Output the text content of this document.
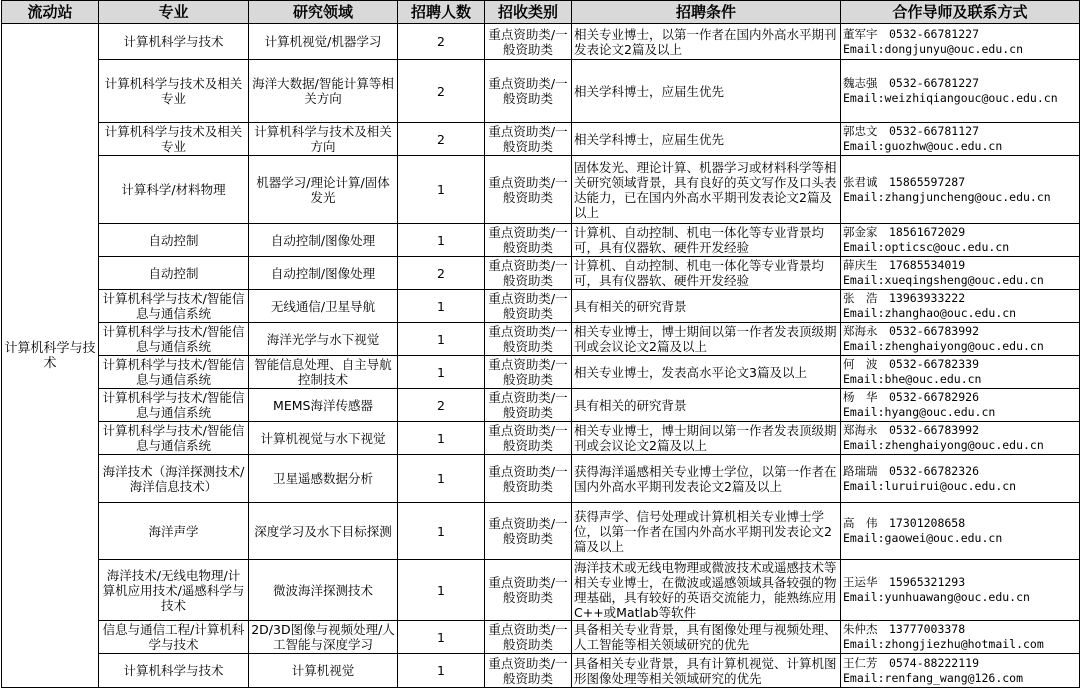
流动站	专业	研究领域	招聘人数	招收类别	招聘条件	合作导师及联系方式
计算机科学与技术	计算机科学与技术	计算机视觉/机器学习	2	重点资助类/一般资助类	相关专业博士，以第一作者在国内外高水平期刊发表论文2篇及以上	董军宇　0532-66781227
Email:dongjunyu@ouc.edu.cn

	计算机科学与技术及相关专业	海洋大数据/智能计算等相关方向	2	重点资助类/一般资助类	相关学科博士，应届生优先	魏志强　0532-66781227
Email:weizhiqiangouc@ouc.edu.cn

	计算机科学与技术及相关专业	计算机科学与技术及相关方向	2	重点资助类/一般资助类	相关学科博士，应届生优先	郭忠文　0532-66781127
Email:guozhw@ouc.edu.cn

	计算科学/材料物理	机器学习/理论计算/固体发光	1	重点资助类/一般资助类	固体发光、理论计算、机器学习或材料科学等相关研究领域背景，具有良好的英文写作及口头表达能力，已在国内外高水平期刊发表论文2篇及以上	张君诚　15865597287
Email:zhangjuncheng@ouc.edu.cn

	自动控制	自动控制/图像处理	1	重点资助类/一般资助类	计算机、自动控制、机电一体化等专业背景均可，具有仪器软、硬件开发经验	郭金家　18561672029
Email:opticsc@ouc.edu.cn

	自动控制	自动控制/图像处理	2	重点资助类/一般资助类	计算机、自动控制、机电一体化等专业背景均可，具有仪器软、硬件开发经验	薛庆生　17685534019
Email:xueqingsheng@ouc.edu.cn

	计算机科学与技术/智能信息与通信系统	无线通信/卫星导航	1	重点资助类/一般资助类	具有相关的研究背景	张　浩　13963933222
Email:zhanghao@ouc.edu.cn

	计算机科学与技术/智能信息与通信系统	海洋光学与水下视觉	1	重点资助类/一般资助类	相关专业博士，博士期间以第一作者发表顶级期刊或会议论文2篇及以上	郑海永　0532-66783992
Email:zhenghaiyong@ouc.edu.cn

	计算机科学与技术/智能信息与通信系统	智能信息处理、自主导航控制技术	1	重点资助类/一般资助类	相关专业博士，发表高水平论文3篇及以上	何　波　0532-66782339
Email:bhe@ouc.edu.cn

	计算机科学与技术/智能信息与通信系统	MEMS海洋传感器	2	重点资助类/一般资助类	具有相关的研究背景	杨　华　0532-66782926
Email:hyang@ouc.edu.cn

	计算机科学与技术/智能信息与通信系统	计算机视觉与水下视觉	1	重点资助类/一般资助类	相关专业博士，博士期间以第一作者发表顶级期刊或会议论文2篇及以上	郑海永　0532-66783992
Email:zhenghaiyong@ouc.edu.cn

	海洋技术（海洋探测技术/海洋信息技术）	卫星遥感数据分析	1	重点资助类/一般资助类	获得海洋遥感相关专业博士学位，以第一作者在国内外高水平期刊发表论文2篇及以上	路瑞瑞　0532-66782326
Email:luruirui@ouc.edu.cn

	海洋声学	深度学习及水下目标探测	1	重点资助类/一般资助类	获得声学、信号处理或计算机相关专业博士学位，以第一作者在国内外高水平期刊发表论文2篇及以上	高　伟　17301208658
Email:gaowei@ouc.edu.cn

	海洋技术/无线电物理/计算机应用技术/遥感科学与技术	微波海洋探测技术	1	重点资助类/一般资助类	海洋技术或无线电物理或微波技术或遥感技术等相关专业博士，在微波或遥感领域具备较强的物理基础，具有较好的英语交流能力，能熟练应用C++或Matlab等软件	王运华　15965321293
Email:yunhuawang@ouc.edu.cn

	信息与通信工程/计算机科学与技术	2D/3D图像与视频处理/人工智能与深度学习	1	重点资助类/一般资助类	具备相关专业背景，具有图像处理与视频处理、人工智能等相关领域研究的优先	朱仲杰　13777003378
Email:zhongjiezhu@hotmail.com

	计算机科学与技术	计算机视觉	1	重点资助类/一般资助类	具备相关专业背景，具有计算机视觉、计算机图形图像处理等相关领域研究的优先	王仁芳　0574-88222119
Email:renfang_wang@126.com
